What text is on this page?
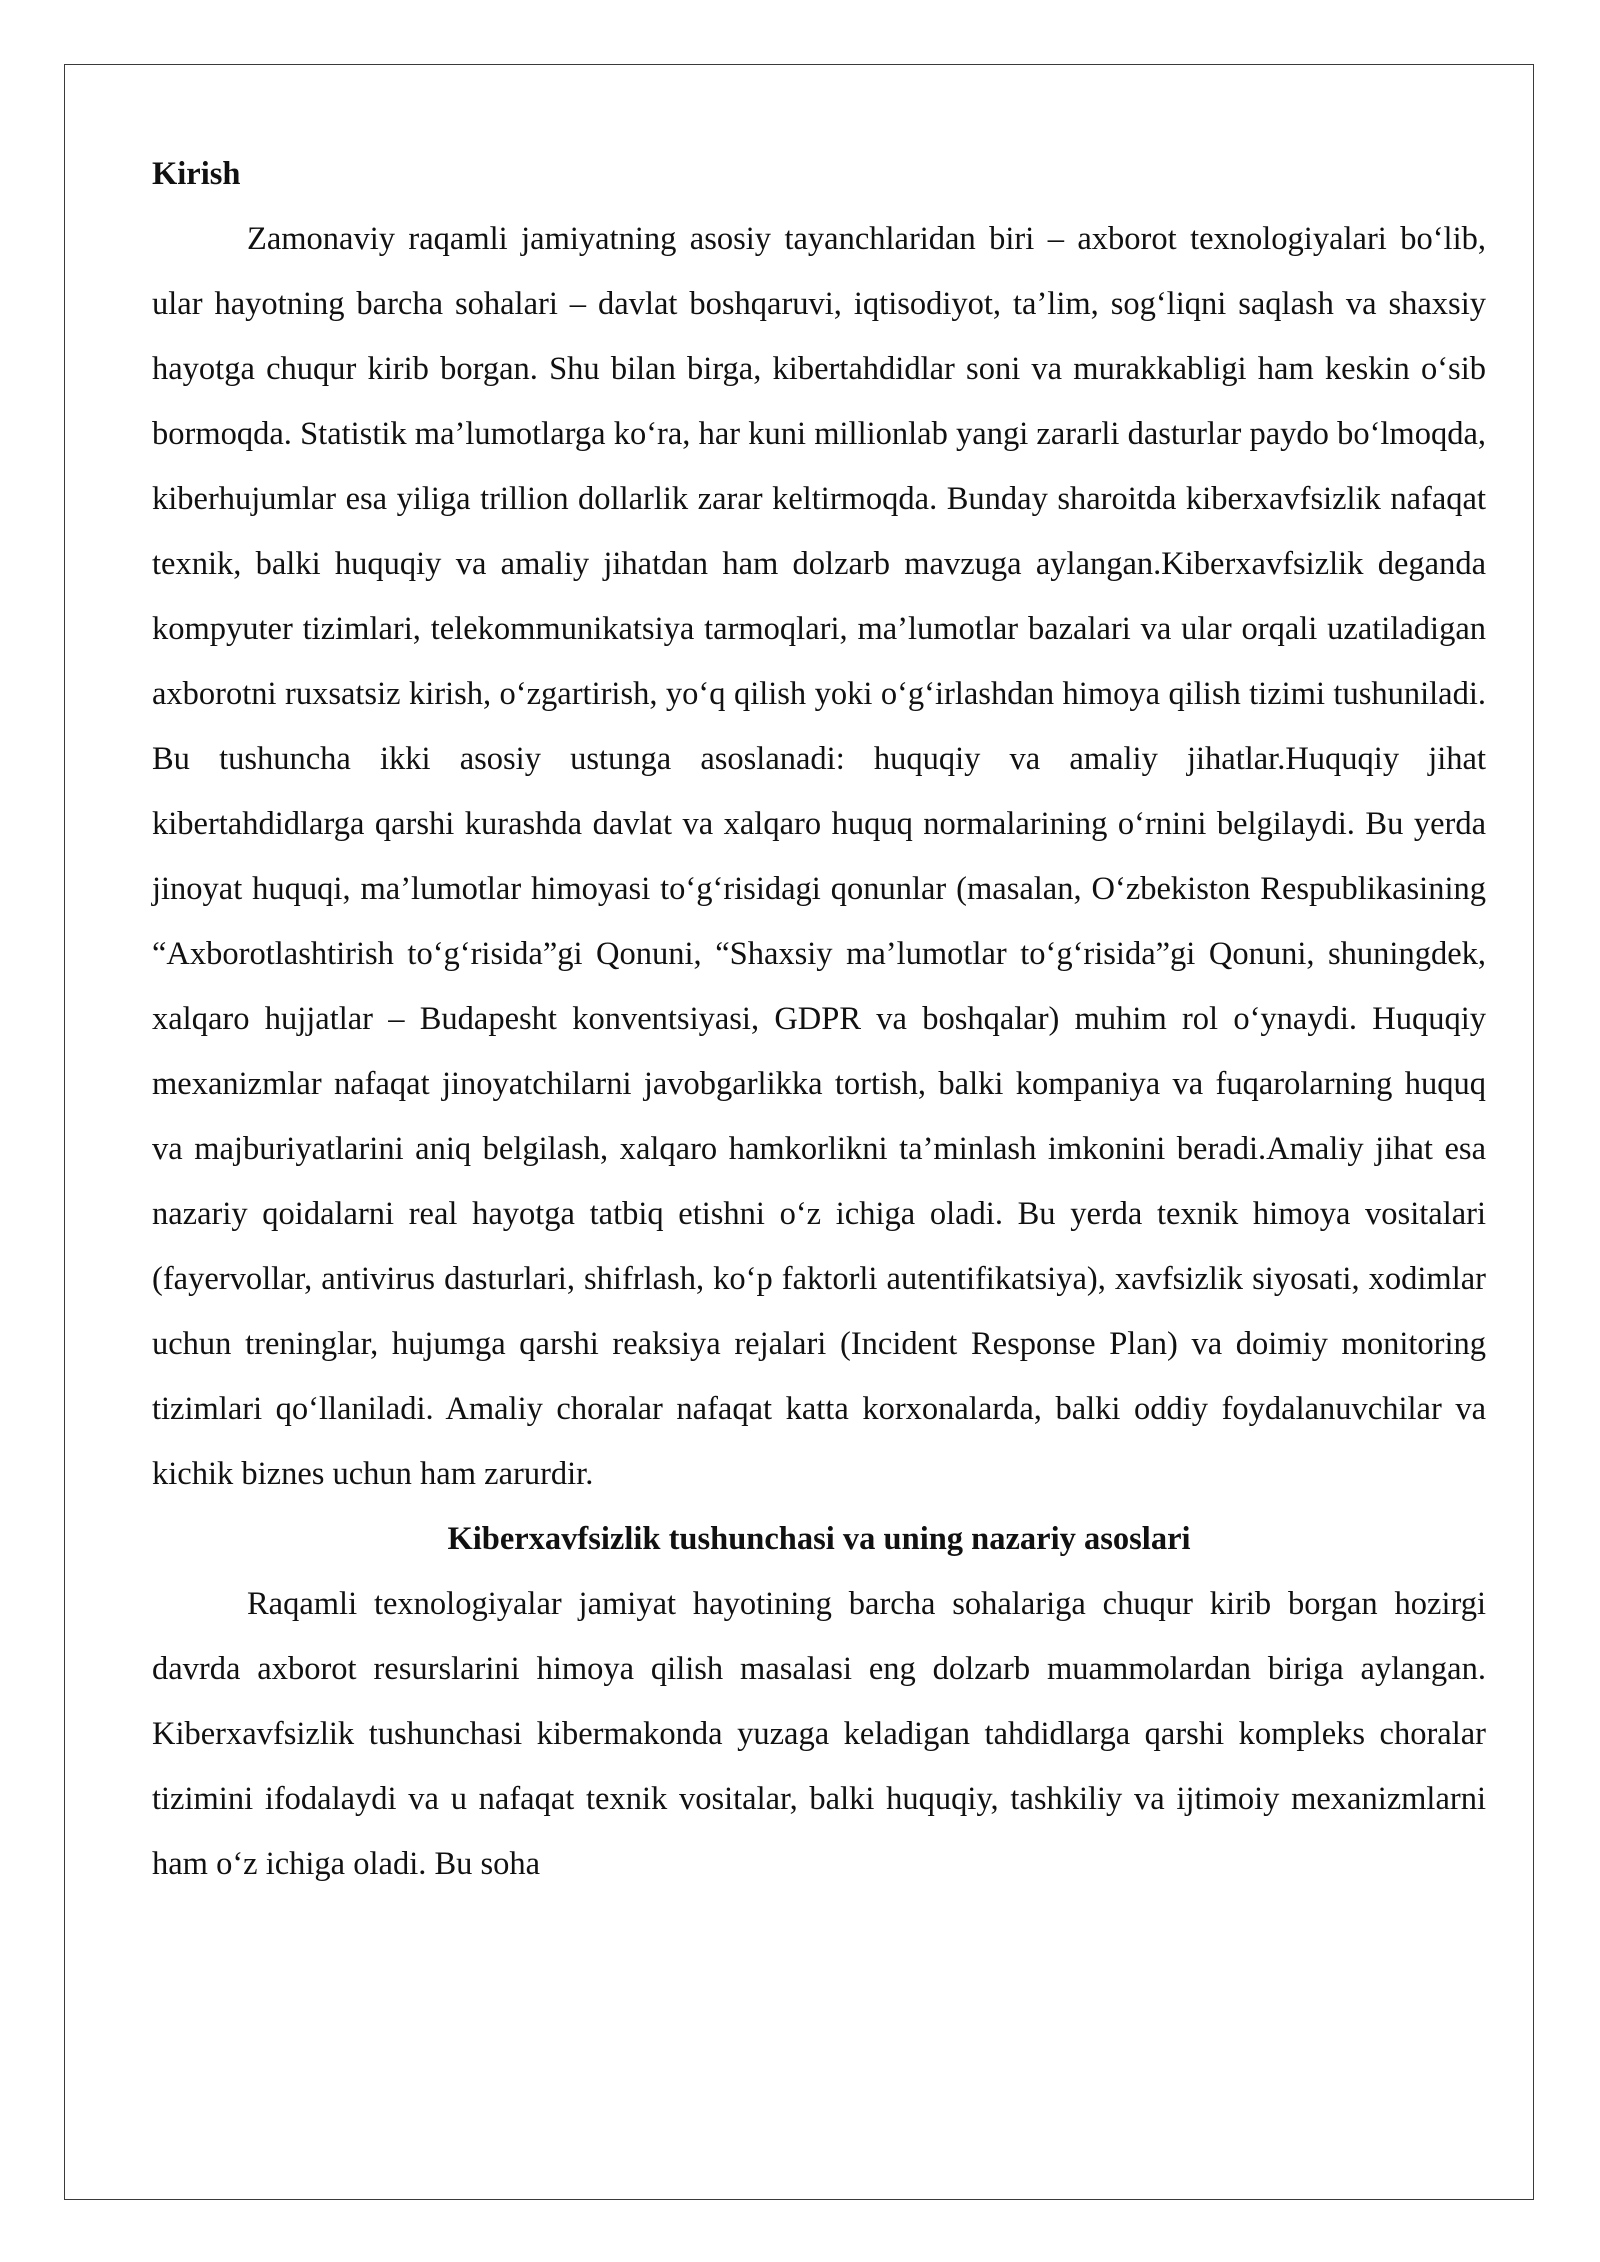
Kirish

Zamonaviy raqamli jamiyatning asosiy tayanchlaridan biri – axborot texnologiyalari bo‘lib, ular hayotning barcha sohalari – davlat boshqaruvi, iqtisodiyot, ta’lim, sog‘liqni saqlash va shaxsiy hayotga chuqur kirib borgan. Shu bilan birga, kibertahdidlar soni va murakkabligi ham keskin o‘sib bormoqda. Statistik ma’lumotlarga ko‘ra, har kuni millionlab yangi zararli dasturlar paydo bo‘lmoqda, kiberhujumlar esa yiliga trillion dollarlik zarar keltirmoqda. Bunday sharoitda kiberxavfsizlik nafaqat texnik, balki huquqiy va amaliy jihatdan ham dolzarb mavzuga aylangan.Kiberxavfsizlik deganda kompyuter tizimlari, telekommunikatsiya tarmoqlari, ma’lumotlar bazalari va ular orqali uzatiladigan axborotni ruxsatsiz kirish, o‘zgartirish, yo‘q qilish yoki o‘g‘irlashdan himoya qilish tizimi tushuniladi. Bu tushuncha ikki asosiy ustunga asoslanadi: huquqiy va amaliy jihatlar.Huquqiy jihat kibertahdidlarga qarshi kurashda davlat va xalqaro huquq normalarining o‘rnini belgilaydi. Bu yerda jinoyat huquqi, ma’lumotlar himoyasi to‘g‘risidagi qonunlar (masalan, O‘zbekiston Respublikasining “Axborotlashtirish to‘g‘risida”gi Qonuni, “Shaxsiy ma’lumotlar to‘g‘risida”gi Qonuni, shuningdek, xalqaro hujjatlar – Budapesht konventsiyasi, GDPR va boshqalar) muhim rol o‘ynaydi. Huquqiy mexanizmlar nafaqat jinoyatchilarni javobgarlikka tortish, balki kompaniya va fuqarolarning huquq va majburiyatlarini aniq belgilash, xalqaro hamkorlikni ta’minlash imkonini beradi.Amaliy jihat esa nazariy qoidalarni real hayotga tatbiq etishni o‘z ichiga oladi. Bu yerda texnik himoya vositalari (fayervollar, antivirus dasturlari, shifrlash, ko‘p faktorli autentifikatsiya), xavfsizlik siyosati, xodimlar uchun treninglar, hujumga qarshi reaksiya rejalari (Incident Response Plan) va doimiy monitoring tizimlari qo‘llaniladi. Amaliy choralar nafaqat katta korxonalarda, balki oddiy foydalanuvchilar va kichik biznes uchun ham zarurdir.

Kiberxavfsizlik tushunchasi va uning nazariy asoslari

Raqamli texnologiyalar jamiyat hayotining barcha sohalariga chuqur kirib borgan hozirgi davrda axborot resurslarini himoya qilish masalasi eng dolzarb muammolardan biriga aylangan. Kiberxavfsizlik tushunchasi kibermakonda yuzaga keladigan tahdidlarga qarshi kompleks choralar tizimini ifodalaydi va u nafaqat texnik vositalar, balki huquqiy, tashkiliy va ijtimoiy mexanizmlarni ham o‘z ichiga oladi. Bu soha
